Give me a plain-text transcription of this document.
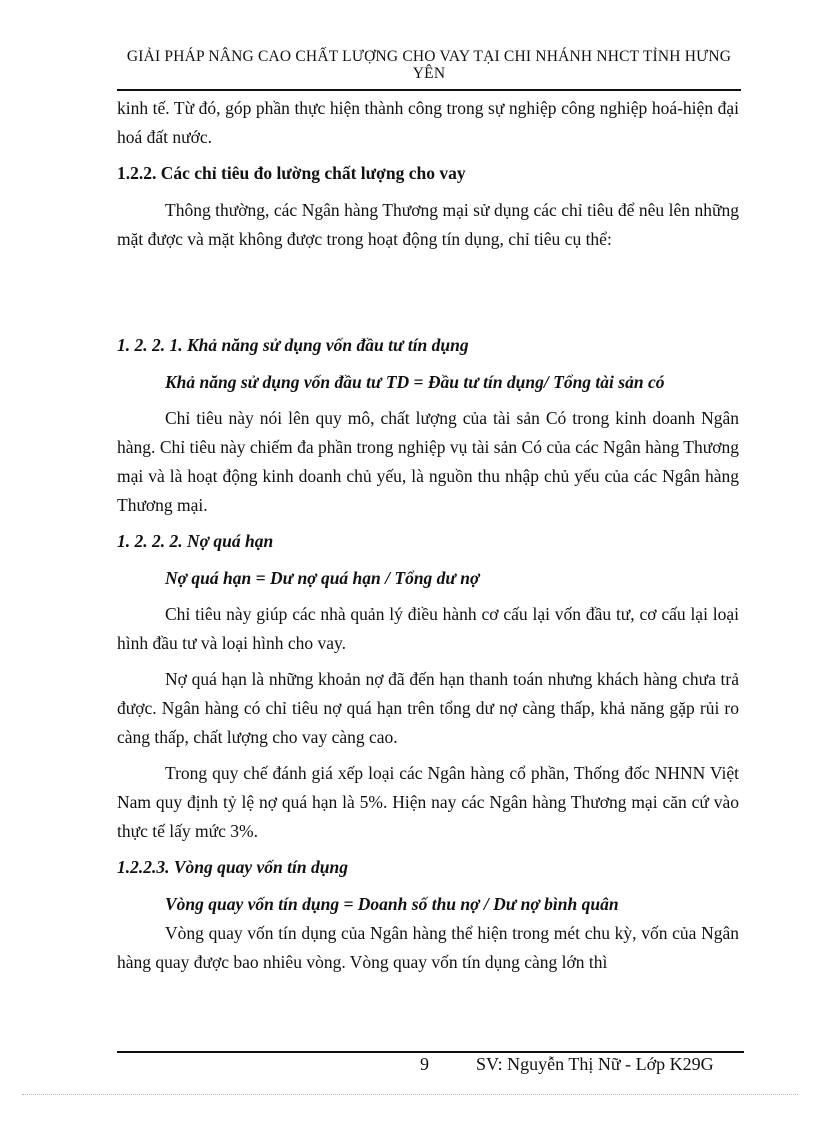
GIẢI PHÁP NÂNG CAO CHẤT LƯỢNG CHO VAY TẠI CHI NHÁNH NHCT TỈNH HƯNG YÊN

kinh tế. Từ đó, góp phần thực hiện thành công trong sự nghiệp công nghiệp hoá-hiện đại hoá đất nước.

1.2.2. Các chỉ tiêu đo lường chất lượng cho vay

Thông thường, các Ngân hàng Thương mại sử dụng các chỉ tiêu để nêu lên những mặt được và mặt không được trong hoạt động tín dụng, chỉ tiêu cụ thể:

1. 2. 2. 1. Khả năng sử dụng vốn đầu tư tín dụng

Khả năng sử dụng vốn đầu tư TD = Đầu tư tín dụng/ Tổng tài sản có

Chỉ tiêu này nói lên quy mô, chất lượng của tài sản Có trong kinh doanh Ngân hàng. Chỉ tiêu này chiếm đa phần trong nghiệp vụ tài sản Có của các Ngân hàng Thương mại và là hoạt động kinh doanh chủ yếu, là nguồn thu nhập chủ yếu của các Ngân hàng Thương mại.

1. 2. 2. 2. Nợ quá hạn

Nợ quá hạn = Dư nợ quá hạn / Tổng dư nợ

Chỉ tiêu này giúp các nhà quản lý điều hành cơ cấu lại vốn đầu tư, cơ cấu lại loại hình đầu tư và loại hình cho vay.

Nợ quá hạn là những khoản nợ đã đến hạn thanh toán nhưng khách hàng chưa trả được. Ngân hàng có chỉ tiêu nợ quá hạn trên tổng dư nợ càng thấp, khả năng gặp rủi ro càng thấp, chất lượng cho vay càng cao.

Trong quy chế đánh giá xếp loại các Ngân hàng cổ phần, Thống đốc NHNN Việt Nam quy định tỷ lệ nợ quá hạn là 5%. Hiện nay các Ngân hàng Thương mại căn cứ vào thực tế lấy mức 3%.

1.2.2.3. Vòng quay vốn tín dụng

Vòng quay vốn tín dụng = Doanh số thu nợ / Dư nợ bình quân

Vòng quay vốn tín dụng của Ngân hàng thể hiện trong mét chu kỳ, vốn của Ngân hàng quay được bao nhiêu vòng. Vòng quay vốn tín dụng càng lớn thì

9	SV: Nguyễn Thị Nữ - Lớp K29G
